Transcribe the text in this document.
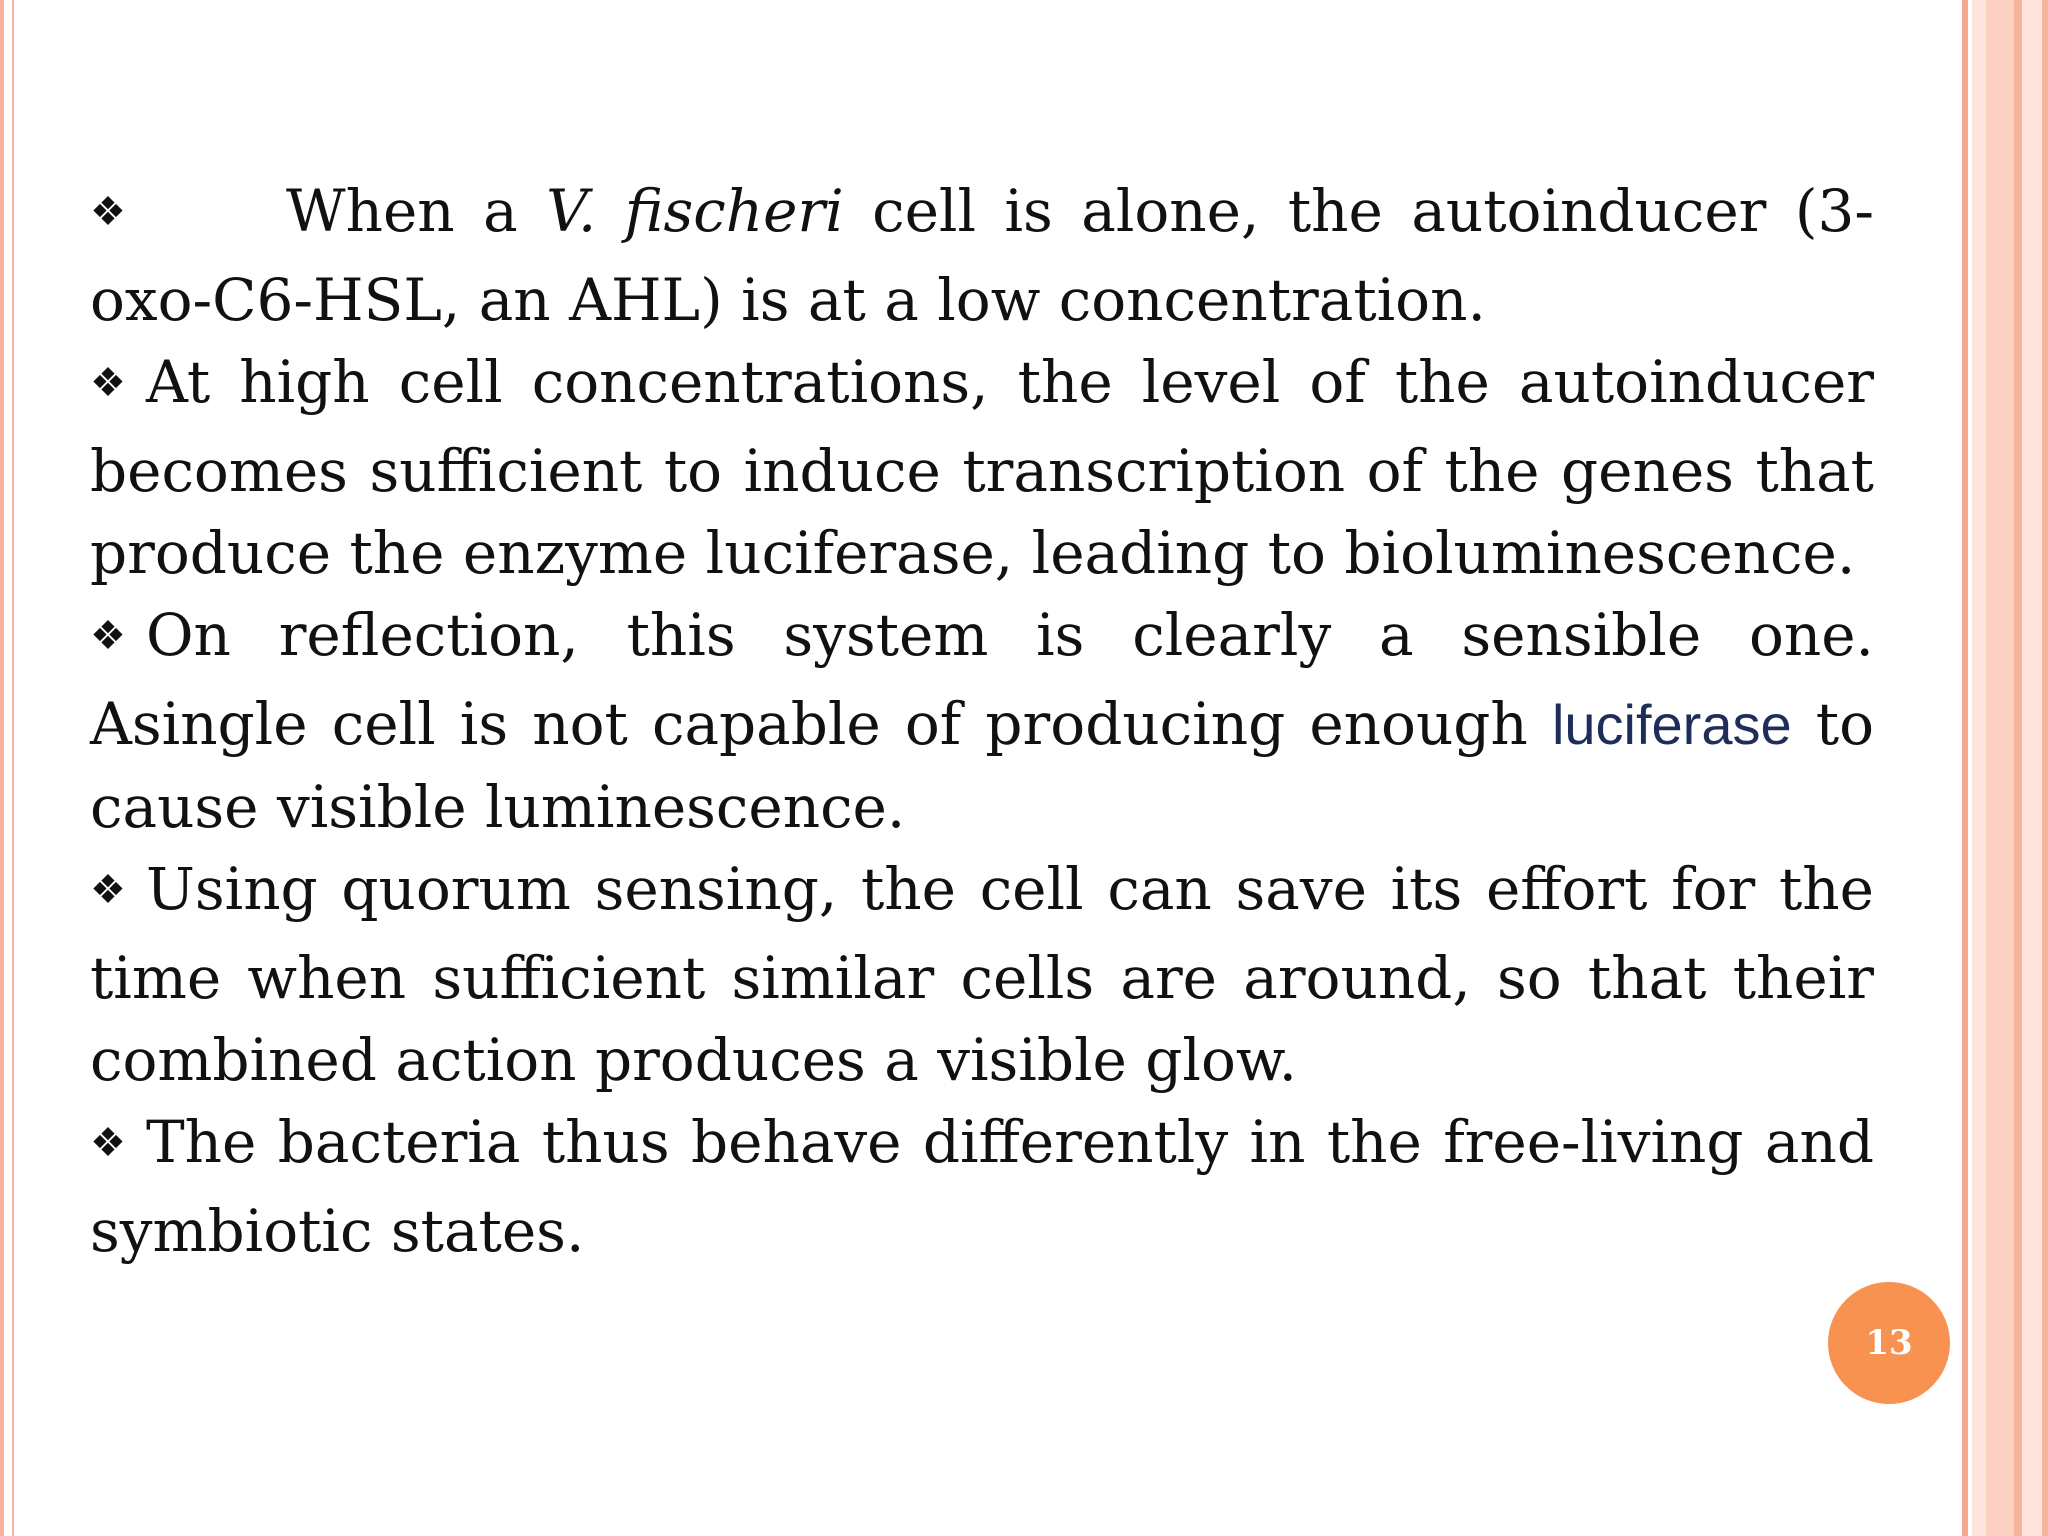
❖	When a V. fischeri cell is alone, the autoinducer (3-oxo-C6-HSL, an AHL) is at a low concentration.

❖ At high cell concentrations, the level of the autoinducer becomes sufficient to induce transcription of the genes that produce the enzyme luciferase, leading to bioluminescence.

❖ On reflection, this system is clearly a sensible one. Asingle cell is not capable of producing enough luciferase to cause visible luminescence.

❖ Using quorum sensing, the cell can save its effort for the time when sufficient similar cells are around, so that their combined action produces a visible glow.

❖ The bacteria thus behave differently in the free-living and symbiotic states.

13
